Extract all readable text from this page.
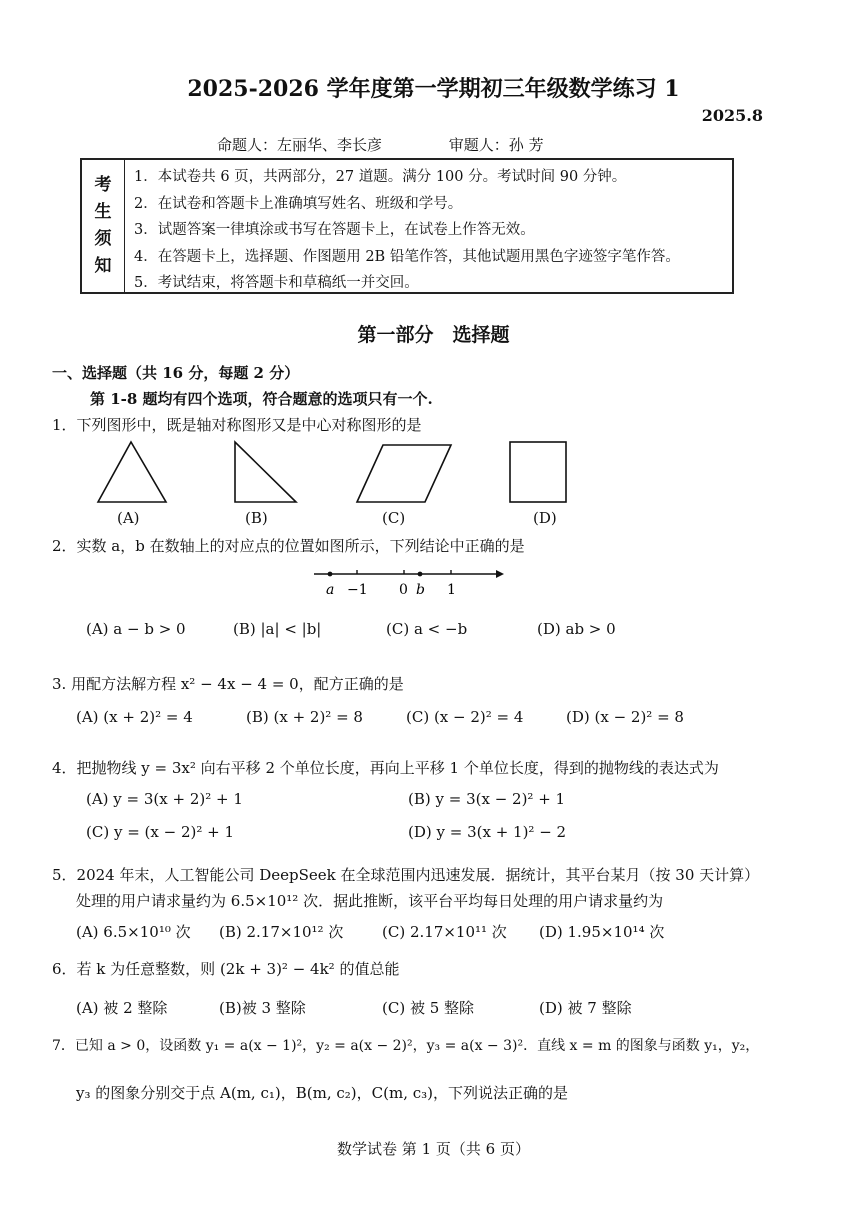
2025-2026 学年度第一学期初三年级数学练习 1
2025.8
命题人：左丽华、李长彦	审题人：孙 芳
考
生
须
知
1．本试卷共 6 页，共两部分，27 道题。满分 100 分。考试时间 90 分钟。
2．在试卷和答题卡上准确填写姓名、班级和学号。
3．试题答案一律填涂或书写在答题卡上，在试卷上作答无效。
4．在答题卡上，选择题、作图题用 2B 铅笔作答，其他试题用黑色字迹签字笔作答。
5．考试结束，将答题卡和草稿纸一并交回。
第一部分　选择题
一、选择题（共 16 分，每题 2 分）
第 1-8 题均有四个选项，符合题意的选项只有一个.
1．下列图形中，既是轴对称图形又是中心对称图形的是
(A)	(B)	(C)	(D)
2．实数 a，b 在数轴上的对应点的位置如图所示，下列结论中正确的是
a −1 0 b 1
(A) a − b > 0	(B) |a| < |b|	(C) a < −b	(D) ab > 0
3. 用配方法解方程 x² − 4x − 4 = 0，配方正确的是
(A) (x + 2)² = 4	(B) (x + 2)² = 8	(C) (x − 2)² = 4	(D) (x − 2)² = 8
4．把抛物线 y = 3x² 向右平移 2 个单位长度，再向上平移 1 个单位长度，得到的抛物线的表达式为
(A) y = 3(x + 2)² + 1	(B) y = 3(x − 2)² + 1
(C) y = (x − 2)² + 1	(D) y = 3(x + 1)² − 2
5．2024 年末，人工智能公司 DeepSeek 在全球范围内迅速发展．据统计，其平台某月（按 30 天计算）
处理的用户请求量约为 6.5×10¹² 次．据此推断，该平台平均每日处理的用户请求量约为
(A) 6.5×10¹⁰ 次 (B) 2.17×10¹² 次	(C) 2.17×10¹¹ 次 (D) 1.95×10¹⁴ 次
6．若 k 为任意整数，则 (2k + 3)² − 4k² 的值总能
(A) 被 2 整除	(B)被 3 整除	(C) 被 5 整除	(D) 被 7 整除
7．已知 a > 0，设函数 y₁ = a(x − 1)²，y₂ = a(x − 2)²，y₃ = a(x − 3)²．直线 x = m 的图象与函数 y₁，y₂，
y₃ 的图象分别交于点 A(m, c₁)，B(m, c₂)，C(m, c₃)，下列说法正确的是
数学试卷 第 1 页（共 6 页）
